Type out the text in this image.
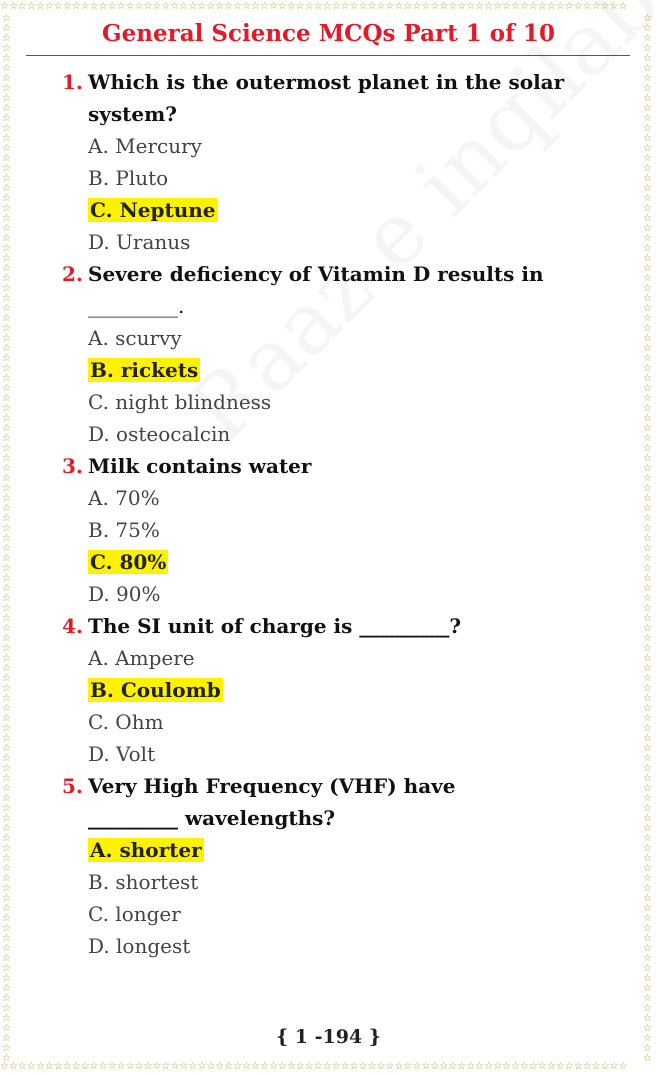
☆☆☆☆☆☆☆☆☆☆☆☆☆☆☆☆☆☆☆☆☆☆☆☆☆☆☆☆☆☆☆☆☆☆☆☆☆☆☆☆☆☆☆☆☆☆☆☆☆☆☆☆☆☆☆☆☆☆☆☆☆☆☆☆☆☆☆☆☆☆
☆☆☆☆☆☆☆☆☆☆☆☆☆☆☆☆☆☆☆☆☆☆☆☆☆☆☆☆☆☆☆☆☆☆☆☆☆☆☆☆☆☆☆☆☆☆☆☆☆☆☆☆☆☆☆☆☆☆☆☆☆☆☆☆☆☆☆☆☆☆
☆☆☆☆☆☆☆☆☆☆☆☆☆☆☆☆☆☆☆☆☆☆☆☆☆☆☆☆☆☆☆☆☆☆☆☆☆☆☆☆☆☆☆☆☆☆☆☆☆☆☆☆☆☆☆☆☆☆☆☆☆☆☆☆☆☆☆☆☆☆☆☆☆☆☆☆☆☆☆☆☆☆☆☆☆☆☆☆☆☆☆☆☆☆☆☆☆☆☆☆☆☆☆☆☆
☆☆☆☆☆☆☆☆☆☆☆☆☆☆☆☆☆☆☆☆☆☆☆☆☆☆☆☆☆☆☆☆☆☆☆☆☆☆☆☆☆☆☆☆☆☆☆☆☆☆☆☆☆☆☆☆☆☆☆☆☆☆☆☆☆☆☆☆☆☆☆☆☆☆☆☆☆☆☆☆☆☆☆☆☆☆☆☆☆☆☆☆☆☆☆☆☆☆☆☆☆☆☆☆☆
General Science MCQs Part 1 of 10
1. Which is the outermost planet in the solar system?
A. Mercury
B. Pluto
C. Neptune
D. Uranus
2. Severe deficiency of Vitamin D results in
_________.
A. scurvy
B. rickets
C. night blindness
D. osteocalcin
3. Milk contains water
A. 70%
B. 75%
C. 80%
D. 90%
4. The SI unit of charge is _________?
A. Ampere
B. Coulomb
C. Ohm
D. Volt
5. Very High Frequency (VHF) have _________ wavelengths?
A. shorter
B. shortest
C. longer
D. longest
{ 1 -194 }
